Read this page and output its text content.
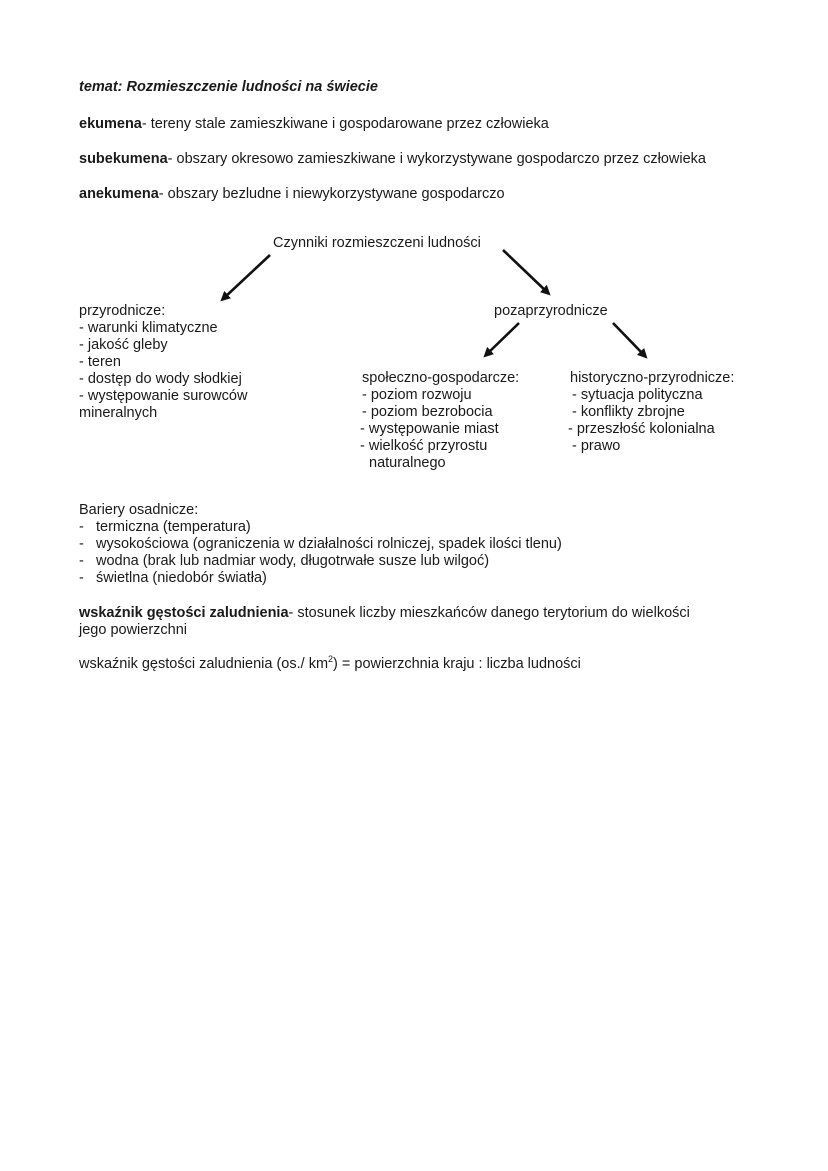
temat: Rozmieszczenie ludności na świecie
ekumena- tereny stale zamieszkiwane i gospodarowane przez człowieka
subekumena- obszary okresowo zamieszkiwane i wykorzystywane gospodarczo przez człowieka
anekumena- obszary bezludne i niewykorzystywane gospodarczo
Czynniki rozmieszczeni ludności
przyrodnicze:
- warunki klimatyczne
- jakość gleby
- teren
- dostęp do wody słodkiej
- występowanie surowców
mineralnych
pozaprzyrodnicze
społeczno-gospodarcze:
- poziom rozwoju
- poziom bezrobocia
- występowanie miast
- wielkość przyrostu
naturalnego
historyczno-przyrodnicze:
- sytuacja polityczna
- konflikty zbrojne
- przeszłość kolonialna
- prawo
Bariery osadnicze:
- termiczna (temperatura)
- wysokościowa (ograniczenia w działalności rolniczej, spadek ilości tlenu)
- wodna (brak lub nadmiar wody, długotrwałe susze lub wilgoć)
- świetlna (niedobór światła)
wskaźnik gęstości zaludnienia- stosunek liczby mieszkańców danego terytorium do wielkości
jego powierzchni
wskaźnik gęstości zaludnienia (os./ $km^2$) = powierzchnia kraju : liczba ludności
